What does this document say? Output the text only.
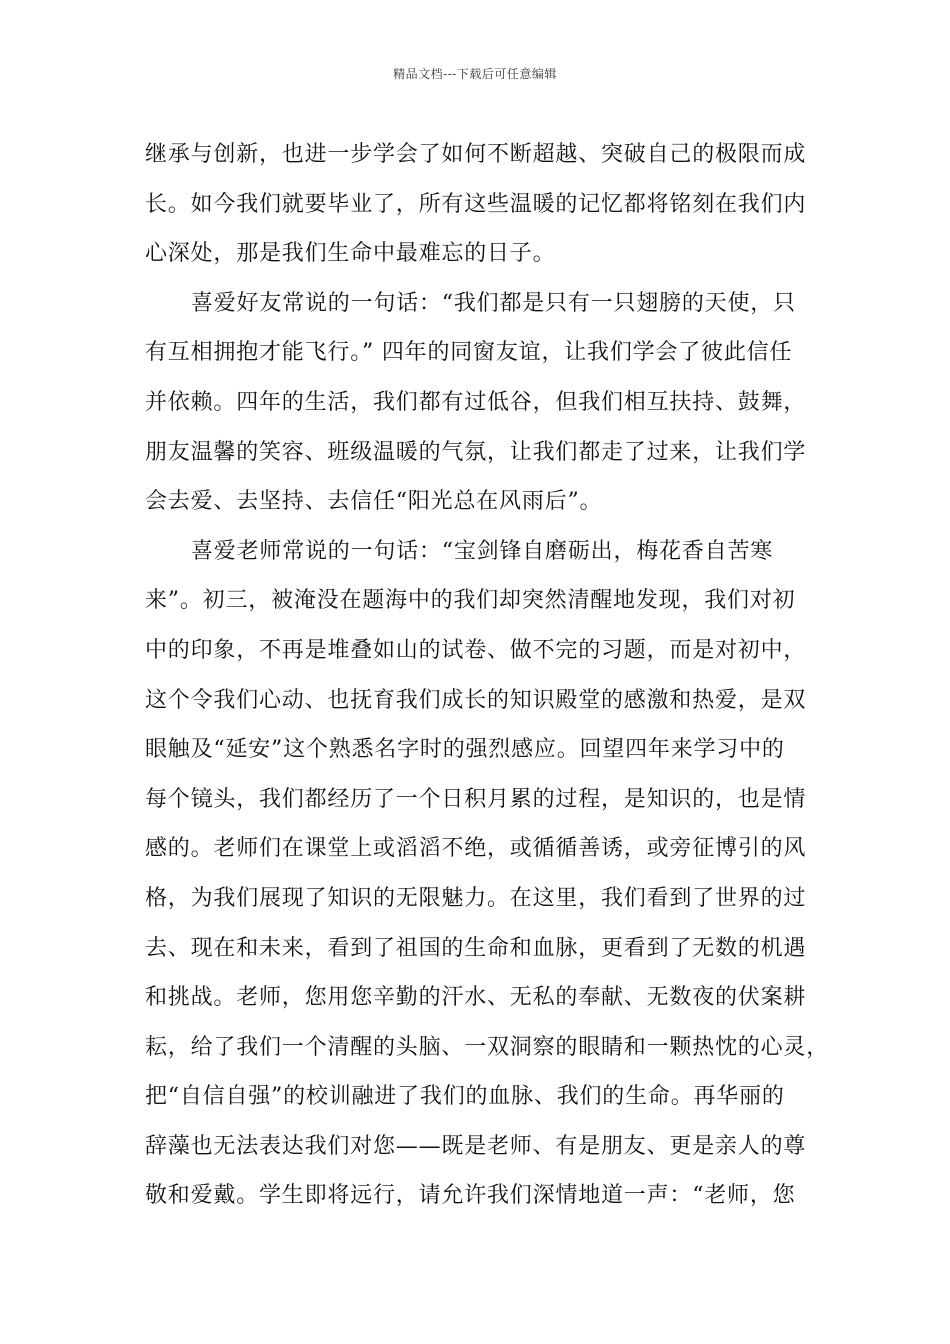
精品文档---下载后可任意编辑
继承与创新，也进一步学会了如何不断超越、突破自己的极限而成
长。如今我们就要毕业了，所有这些温暖的记忆都将铭刻在我们内
心深处，那是我们生命中最难忘的日子。
喜爱好友常说的一句话：“我们都是只有一只翅膀的天使，只
有互相拥抱才能飞行。” 四年的同窗友谊，让我们学会了彼此信任
并依赖。四年的生活，我们都有过低谷，但我们相互扶持、鼓舞，
朋友温馨的笑容、班级温暖的气氛，让我们都走了过来，让我们学
会去爱、去坚持、去信任“阳光总在风雨后”。
喜爱老师常说的一句话：“宝剑锋自磨砺出，梅花香自苦寒
来”。初三，被淹没在题海中的我们却突然清醒地发现，我们对初
中的印象，不再是堆叠如山的试卷、做不完的习题，而是对初中，
这个令我们心动、也抚育我们成长的知识殿堂的感激和热爱，是双
眼触及“延安”这个熟悉名字时的强烈感应。回望四年来学习中的
每个镜头，我们都经历了一个日积月累的过程，是知识的，也是情
感的。老师们在课堂上或滔滔不绝，或循循善诱，或旁征博引的风
格，为我们展现了知识的无限魅力。在这里，我们看到了世界的过
去、现在和未来，看到了祖国的生命和血脉，更看到了无数的机遇
和挑战。老师，您用您辛勤的汗水、无私的奉献、无数夜的伏案耕
耘，给了我们一个清醒的头脑、一双洞察的眼睛和一颗热忱的心灵，
把“自信自强”的校训融进了我们的血脉、我们的生命。再华丽的
辞藻也无法表达我们对您——既是老师、有是朋友、更是亲人的尊
敬和爱戴。学生即将远行，请允许我们深情地道一声：“老师，您
